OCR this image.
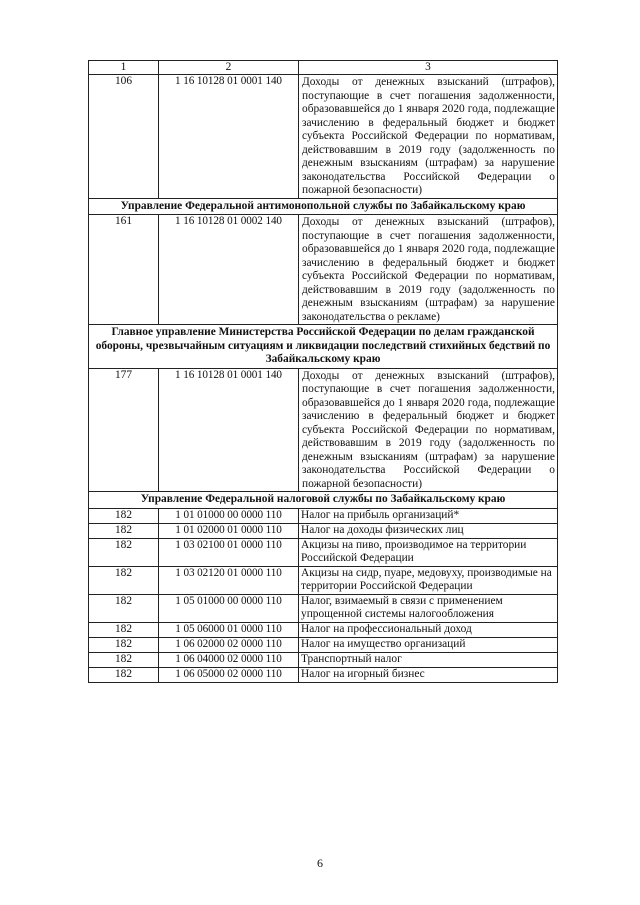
1	2	3
106	1 16 10128 01 0001 140	Доходы от денежных взысканий (штрафов), поступающие в счет погашения задолженности, образовавшейся до 1 января 2020 года, подлежащие зачислению в федеральный бюджет и бюджет субъекта Российской Федерации по нормативам, действовавшим в 2019 году (задолженность по денежным взысканиям (штрафам) за нарушение законодательства Российской Федерации о пожарной безопасности)
Управление Федеральной антимонопольной службы по Забайкальскому краю		
161	1 16 10128 01 0002 140	Доходы от денежных взысканий (штрафов), поступающие в счет погашения задолженности, образовавшейся до 1 января 2020 года, подлежащие зачислению в федеральный бюджет и бюджет субъекта Российской Федерации по нормативам, действовавшим в 2019 году (задолженность по денежным взысканиям (штрафам) за нарушение законодательства о рекламе)
Главное управление Министерства Российской Федерации по делам гражданской обороны, чрезвычайным ситуациям и ликвидации последствий стихийных бедствий по Забайкальскому краю		
177	1 16 10128 01 0001 140	Доходы от денежных взысканий (штрафов), поступающие в счет погашения задолженности, образовавшейся до 1 января 2020 года, подлежащие зачислению в федеральный бюджет и бюджет субъекта Российской Федерации по нормативам, действовавшим в 2019 году (задолженность по денежным взысканиям (штрафам) за нарушение законодательства Российской Федерации о пожарной безопасности)
Управление Федеральной налоговой службы по Забайкальскому краю		
182	1 01 01000 00 0000 110	Налог на прибыль организаций*
182	1 01 02000 01 0000 110	Налог на доходы физических лиц
182	1 03 02100 01 0000 110	Акцизы на пиво, производимое на территории Российской Федерации
182	1 03 02120 01 0000 110	Акцизы на сидр, пуаре, медовуху, производимые на территории Российской Федерации
182	1 05 01000 00 0000 110	Налог, взимаемый в связи с применением упрощенной системы налогообложения
182	1 05 06000 01 0000 110	Налог на профессиональный доход
182	1 06 02000 02 0000 110	Налог на имущество организаций
182	1 06 04000 02 0000 110	Транспортный налог
182	1 06 05000 02 0000 110	Налог на игорный бизнес
6
